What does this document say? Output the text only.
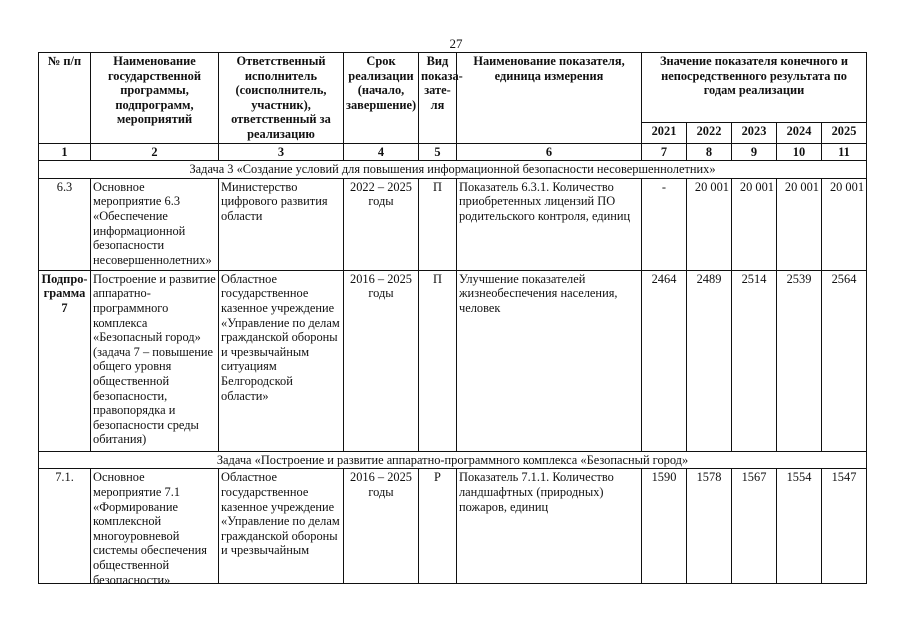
27
№ п/п	Наименование государственной программы, подпрограмм, мероприятий	Ответственный исполнитель (соисполнитель, участник), ответственный за реализацию	Срок реализации (начало, завершение)	Вид показа-зате-ля	Наименование показателя, единица измерения	Значение показателя конечного и непосредственного результата по годам реализации				
						2021	2022	2023	2024	2025
1	2	3	4	5	6	7	8	9	10	11
Задача 3 «Создание условий для повышения информационной безопасности несовершеннолетних»										
6.3	Основное мероприятие 6.3 «Обеспечение информационной безопасности несовершеннолетних»	Министерство цифрового развития области	2022 – 2025 годы	П	Показатель 6.3.1. Количество приобретенных лицензий ПО родительского контроля, единиц	-	20 001	20 001	20 001	20 001
Подпро-грамма 7	Построение и развитие аппаратно-программного комплекса «Безопасный город» (задача 7 – повышение общего уровня общественной безопасности, правопорядка и безопасности среды обитания)	Областное государственное казенное учреждение «Управление по делам гражданской обороны и чрезвычайным ситуациям Белгородской области»	2016 – 2025 годы	П	Улучшение показателей жизнеобеспечения населения, человек	2464	2489	2514	2539	2564
Задача «Построение и развитие аппаратно-программного комплекса «Безопасный город»										

7.1.	Основное мероприятие 7.1 «Формирование комплексной многоуровневой системы обеспечения общественной безопасности»	Областное государственное казенное учреждение «Управление по делам гражданской обороны и чрезвычайным	2016 – 2025 годы	Р	Показатель 7.1.1. Количество ландшафтных (природных) пожаров, единиц	1590	1578	1567	1554	1547
